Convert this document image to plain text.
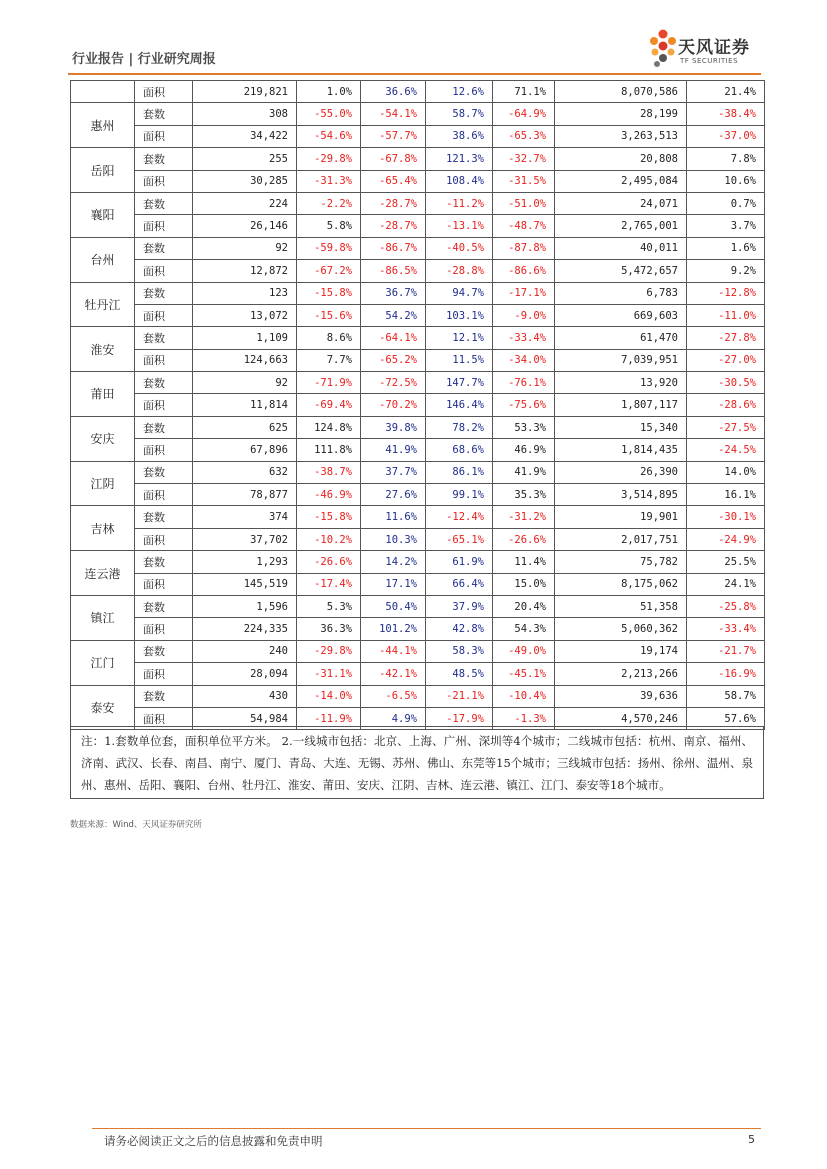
行业报告 | 行业研究周报
天风证券
TF SECURITIES
	面积	219,821	1.0%	36.6%	12.6%	71.1%	8,070,586	21.4%
惠州	套数	308	-55.0%	-54.1%	58.7%	-64.9%	28,199	-38.4%
	面积	34,422	-54.6%	-57.7%	38.6%	-65.3%	3,263,513	-37.0%
岳阳	套数	255	-29.8%	-67.8%	121.3%	-32.7%	20,808	7.8%
	面积	30,285	-31.3%	-65.4%	108.4%	-31.5%	2,495,084	10.6%
襄阳	套数	224	-2.2%	-28.7%	-11.2%	-51.0%	24,071	0.7%
	面积	26,146	5.8%	-28.7%	-13.1%	-48.7%	2,765,001	3.7%
台州	套数	92	-59.8%	-86.7%	-40.5%	-87.8%	40,011	1.6%
	面积	12,872	-67.2%	-86.5%	-28.8%	-86.6%	5,472,657	9.2%
牡丹江	套数	123	-15.8%	36.7%	94.7%	-17.1%	6,783	-12.8%
	面积	13,072	-15.6%	54.2%	103.1%	-9.0%	669,603	-11.0%
淮安	套数	1,109	8.6%	-64.1%	12.1%	-33.4%	61,470	-27.8%
	面积	124,663	7.7%	-65.2%	11.5%	-34.0%	7,039,951	-27.0%
莆田	套数	92	-71.9%	-72.5%	147.7%	-76.1%	13,920	-30.5%
	面积	11,814	-69.4%	-70.2%	146.4%	-75.6%	1,807,117	-28.6%
安庆	套数	625	124.8%	39.8%	78.2%	53.3%	15,340	-27.5%
	面积	67,896	111.8%	41.9%	68.6%	46.9%	1,814,435	-24.5%
江阴	套数	632	-38.7%	37.7%	86.1%	41.9%	26,390	14.0%
	面积	78,877	-46.9%	27.6%	99.1%	35.3%	3,514,895	16.1%
吉林	套数	374	-15.8%	11.6%	-12.4%	-31.2%	19,901	-30.1%
	面积	37,702	-10.2%	10.3%	-65.1%	-26.6%	2,017,751	-24.9%
连云港	套数	1,293	-26.6%	14.2%	61.9%	11.4%	75,782	25.5%
	面积	145,519	-17.4%	17.1%	66.4%	15.0%	8,175,062	24.1%
镇江	套数	1,596	5.3%	50.4%	37.9%	20.4%	51,358	-25.8%
	面积	224,335	36.3%	101.2%	42.8%	54.3%	5,060,362	-33.4%
江门	套数	240	-29.8%	-44.1%	58.3%	-49.0%	19,174	-21.7%
	面积	28,094	-31.1%	-42.1%	48.5%	-45.1%	2,213,266	-16.9%
泰安	套数	430	-14.0%	-6.5%	-21.1%	-10.4%	39,636	58.7%
	面积	54,984	-11.9%	4.9%	-17.9%	-1.3%	4,570,246	57.6%
注：1.套数单位套，面积单位平方米。 2.一线城市包括：北京、上海、广州、深圳等4个城市；二线城市包括：杭州、南京、福州、济南、武汉、长春、南昌、南宁、厦门、青岛、大连、无锡、苏州、佛山、东莞等15个城市；三线城市包括：扬州、徐州、温州、泉州、惠州、岳阳、襄阳、台州、牡丹江、淮安、莆田、安庆、江阴、吉林、连云港、镇江、江门、泰安等18个城市。
数据来源：Wind、天风证券研究所
请务必阅读正文之后的信息披露和免责申明	5
